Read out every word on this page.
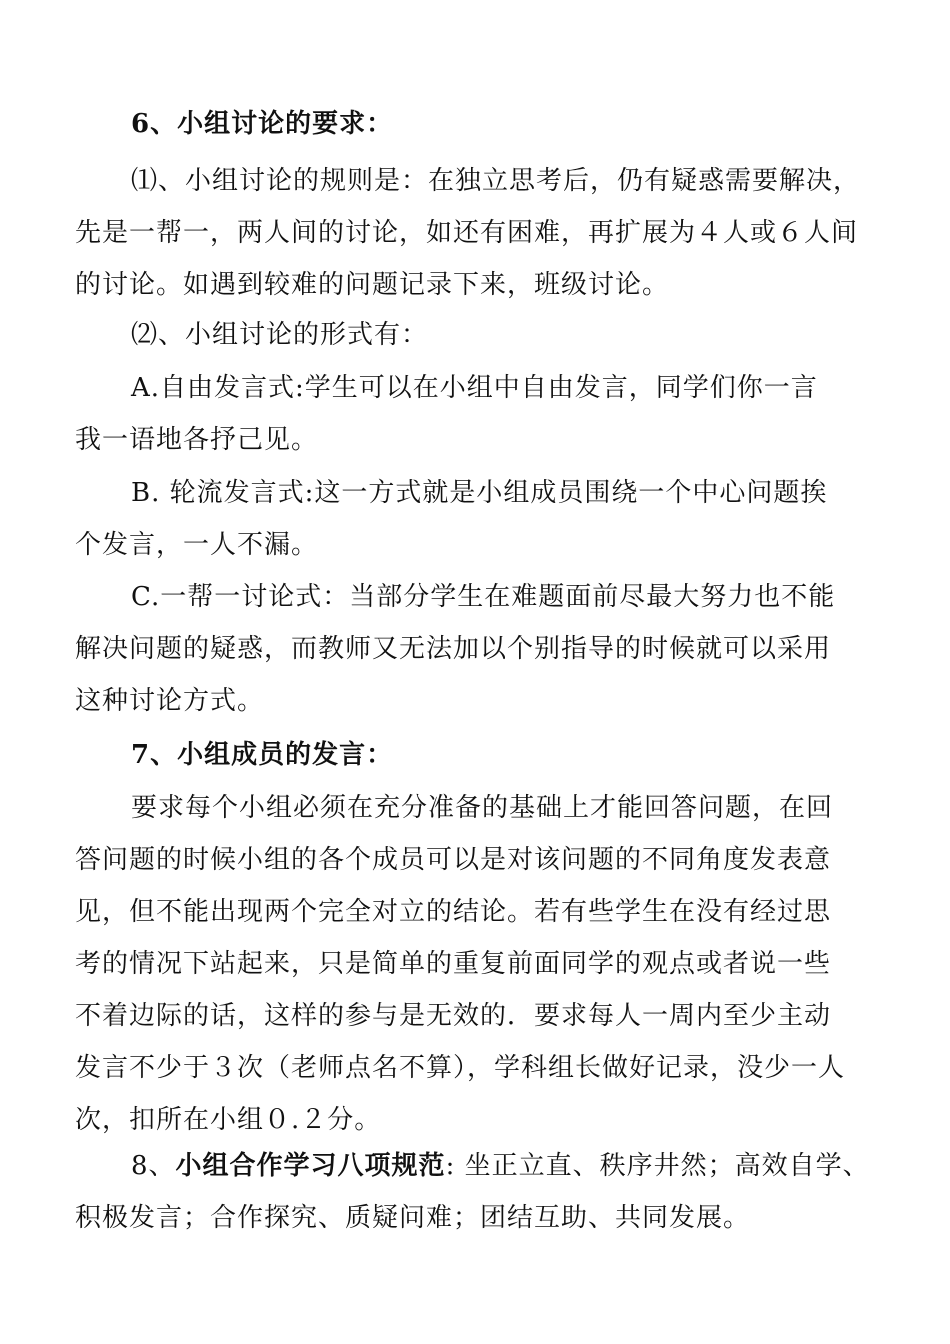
6、小组讨论的要求：
⑴、小组讨论的规则是：在独立思考后，仍有疑惑需要解决，
先是一帮一，两人间的讨论，如还有困难，再扩展为４人或６人间
的讨论。如遇到较难的问题记录下来，班级讨论。
⑵、小组讨论的形式有：
A.自由发言式:学生可以在小组中自由发言，同学们你一言
我一语地各抒己见。
B. 轮流发言式:这一方式就是小组成员围绕一个中心问题挨
个发言，一人不漏。
C.一帮一讨论式：当部分学生在难题面前尽最大努力也不能
解决问题的疑惑，而教师又无法加以个别指导的时候就可以采用
这种讨论方式。
7、小组成员的发言：
要求每个小组必须在充分准备的基础上才能回答问题，在回
答问题的时候小组的各个成员可以是对该问题的不同角度发表意
见，但不能出现两个完全对立的结论。若有些学生在没有经过思
考的情况下站起来，只是简单的重复前面同学的观点或者说一些
不着边际的话，这样的参与是无效的．要求每人一周内至少主动
发言不少于３次（老师点名不算），学科组长做好记录，没少一人
次，扣所在小组０.２分。
8、小组合作学习八项规范: 坐正立直、秩序井然；高效自学、
积极发言；合作探究、质疑问难；团结互助、共同发展。
